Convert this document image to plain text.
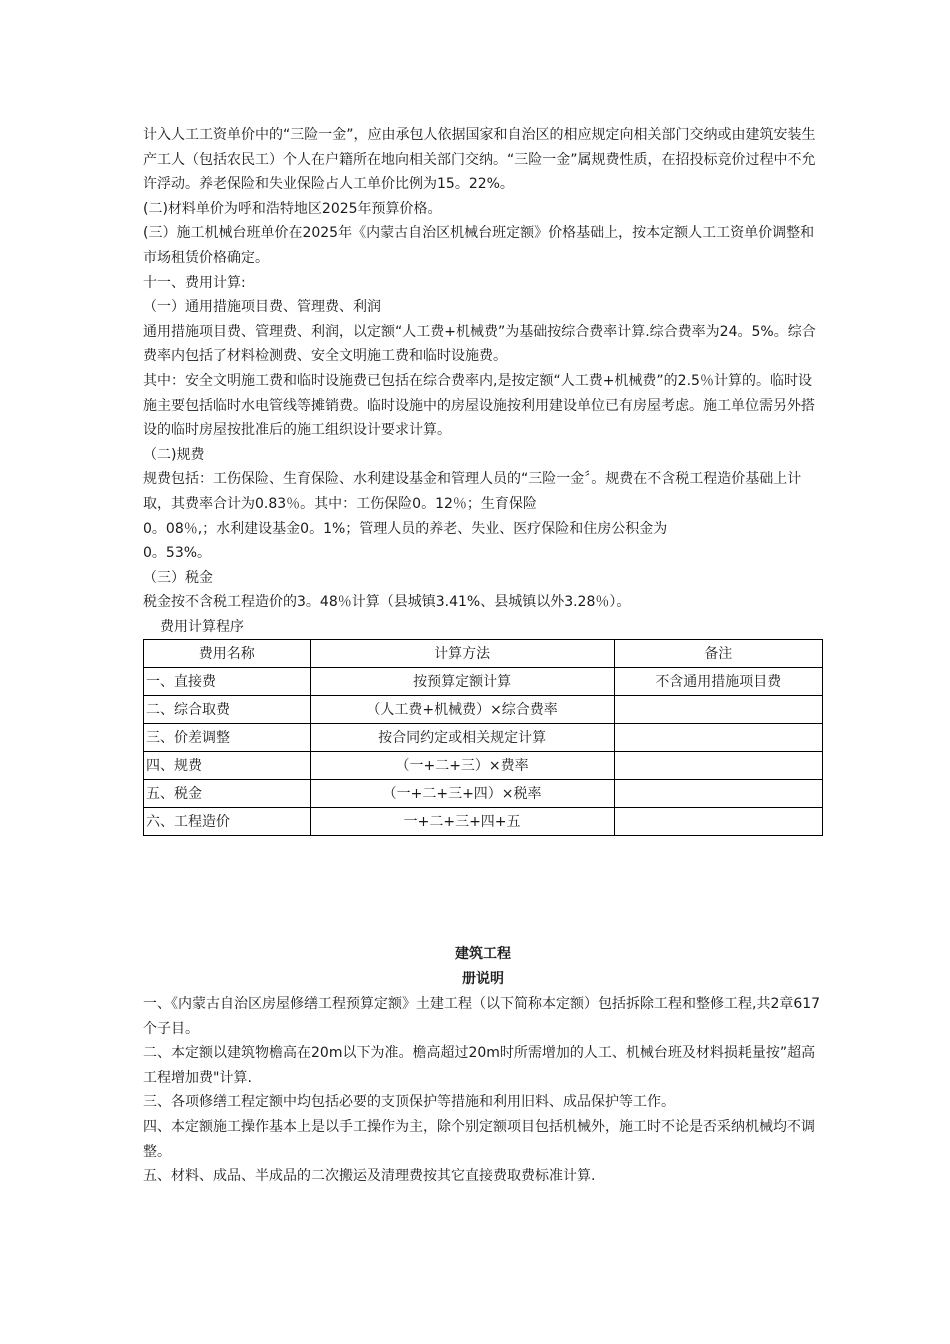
计入人工工资单价中的“三险一金”，应由承包人依据国家和自治区的相应规定向相关部门交纳或由建筑安装生产工人（包括农民工）个人在户籍所在地向相关部门交纳。“三险一金”属规费性质，在招投标竞价过程中不允许浮动。养老保险和失业保险占人工单价比例为15。22%。

(二)材料单价为呼和浩特地区2025年预算价格。

(三）施工机械台班单价在2025年《内蒙古自治区机械台班定额》价格基础上，按本定额人工工资单价调整和市场租赁价格确定。

十一、费用计算:

（一）通用措施项目费、管理费、利润

通用措施项目费、管理费、利润，以定额“人工费+机械费”为基础按综合费率计算.综合费率为24。5%。综合费率内包括了材料检测费、安全文明施工费和临时设施费。

其中：安全文明施工费和临时设施费已包括在综合费率内,是按定额“人工费+机械费”的2.5％计算的。临时设施主要包括临时水电管线等摊销费。临时设施中的房屋设施按利用建设单位已有房屋考虑。施工单位需另外搭设的临时房屋按批准后的施工组织设计要求计算。

（二)规费

规费包括：工伤保险、生育保险、水利建设基金和管理人员的“三险一金〞。规费在不含税工程造价基础上计取，其费率合计为0.83％。其中：工伤保险0。12％；生育保险

0。08％,；水利建设基金0。1%；管理人员的养老、失业、医疗保险和住房公积金为

0。53%。

（三）税金

税金按不含税工程造价的3。48％计算（县城镇3.41%、县城镇以外3.28％）。

费用计算程序

费用名称	计算方法	备注
一、直接费	按预算定额计算	不含通用措施项目费
二、综合取费	（人工费+机械费）×综合费率	
三、价差调整	按合同约定或相关规定计算	
四、规费	（一+二+三）×费率	
五、税金	（一+二+三+四）×税率	
六、工程造价	一+二+三+四+五	

建筑工程

册说明

一、《内蒙古自治区房屋修缮工程预算定额》土建工程（以下简称本定额）包括拆除工程和整修工程,共2章617个子目。

二、本定额以建筑物檐高在20m以下为准。檐高超过20m时所需增加的人工、机械台班及材料损耗量按”超高工程增加费"计算.

三、各项修缮工程定额中均包括必要的支顶保护等措施和利用旧料、成品保护等工作。

四、本定额施工操作基本上是以手工操作为主，除个别定额项目包括机械外，施工时不论是否采纳机械均不调整。

五、材料、成品、半成品的二次搬运及清理费按其它直接费取费标准计算.
